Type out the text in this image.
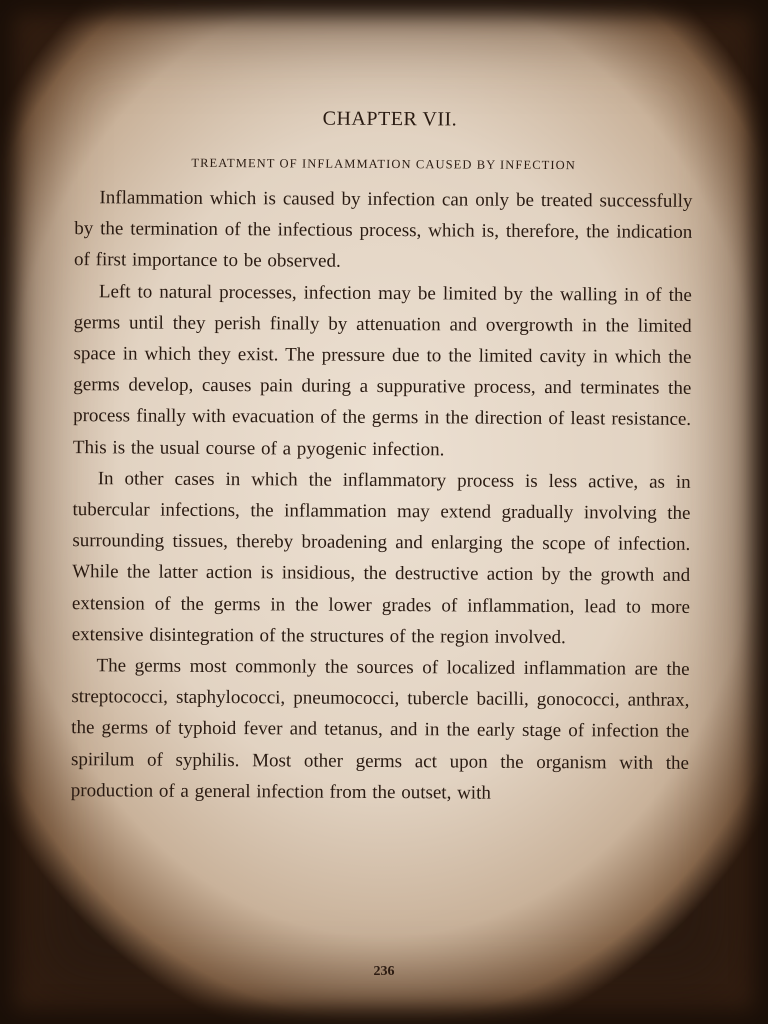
CHAPTER VII.
TREATMENT OF INFLAMMATION CAUSED BY INFECTION

Inflammation which is caused by infection can only be treated successfully by the termination of the infectious process, which is, therefore, the indication of first importance to be observed.

Left to natural processes, infection may be limited by the walling in of the germs until they perish finally by attenuation and overgrowth in the limited space in which they exist. The pressure due to the limited cavity in which the germs develop, causes pain during a suppurative process, and terminates the process finally with evacuation of the germs in the direction of least resistance. This is the usual course of a pyogenic infection.

In other cases in which the inflammatory process is less active, as in tubercular infections, the inflammation may extend gradually involving the surrounding tissues, thereby broadening and enlarging the scope of infection. While the latter action is insidious, the destructive action by the growth and extension of the germs in the lower grades of inflammation, lead to more extensive disintegration of the structures of the region involved.

The germs most commonly the sources of localized inflammation are the streptococci, staphylococci, pneumococci, tubercle bacilli, gonococci, anthrax, the germs of typhoid fever and tetanus, and in the early stage of infection the spirilum of syphilis. Most other germs act upon the organism with the production of a general infection from the outset, with

236
